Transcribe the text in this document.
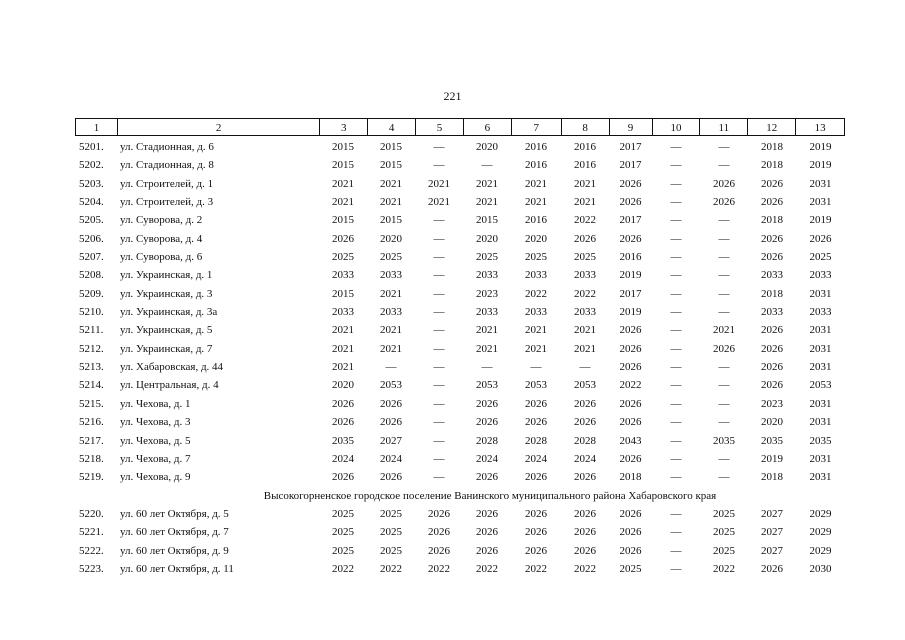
221
1	2	3	4	5	6	7	8	9	10	11	12	13
5201.	ул. Стадионная, д. 6	2015	2015	—	2020	2016	2016	2017	—	—	2018	2019
5202.	ул. Стадионная, д. 8	2015	2015	—	—	2016	2016	2017	—	—	2018	2019
5203.	ул. Строителей, д. 1	2021	2021	2021	2021	2021	2021	2026	—	2026	2026	2031
5204.	ул. Строителей, д. 3	2021	2021	2021	2021	2021	2021	2026	—	2026	2026	2031
5205.	ул. Суворова, д. 2	2015	2015	—	2015	2016	2022	2017	—	—	2018	2019
5206.	ул. Суворова, д. 4	2026	2020	—	2020	2020	2026	2026	—	—	2026	2026
5207.	ул. Суворова, д. 6	2025	2025	—	2025	2025	2025	2016	—	—	2026	2025
5208.	ул. Украинская, д. 1	2033	2033	—	2033	2033	2033	2019	—	—	2033	2033
5209.	ул. Украинская, д. 3	2015	2021	—	2023	2022	2022	2017	—	—	2018	2031
5210.	ул. Украинская, д. 3а	2033	2033	—	2033	2033	2033	2019	—	—	2033	2033
5211.	ул. Украинская, д. 5	2021	2021	—	2021	2021	2021	2026	—	2021	2026	2031
5212.	ул. Украинская, д. 7	2021	2021	—	2021	2021	2021	2026	—	2026	2026	2031
5213.	ул. Хабаровская, д. 44	2021	—	—	—	—	—	2026	—	—	2026	2031
5214.	ул. Центральная, д. 4	2020	2053	—	2053	2053	2053	2022	—	—	2026	2053
5215.	ул. Чехова, д. 1	2026	2026	—	2026	2026	2026	2026	—	—	2023	2031
5216.	ул. Чехова, д. 3	2026	2026	—	2026	2026	2026	2026	—	—	2020	2031
5217.	ул. Чехова, д. 5	2035	2027	—	2028	2028	2028	2043	—	2035	2035	2035
5218.	ул. Чехова, д. 7	2024	2024	—	2024	2024	2024	2026	—	—	2019	2031
5219.	ул. Чехова, д. 9	2026	2026	—	2026	2026	2026	2018	—	—	2018	2031
Высокогорненское городское поселение Ванинского муниципального района Хабаровского края
5220.	ул. 60 лет Октября, д. 5	2025	2025	2026	2026	2026	2026	2026	—	2025	2027	2029
5221.	ул. 60 лет Октября, д. 7	2025	2025	2026	2026	2026	2026	2026	—	2025	2027	2029
5222.	ул. 60 лет Октября, д. 9	2025	2025	2026	2026	2026	2026	2026	—	2025	2027	2029
5223.	ул. 60 лет Октября, д. 11	2022	2022	2022	2022	2022	2022	2025	—	2022	2026	2030
